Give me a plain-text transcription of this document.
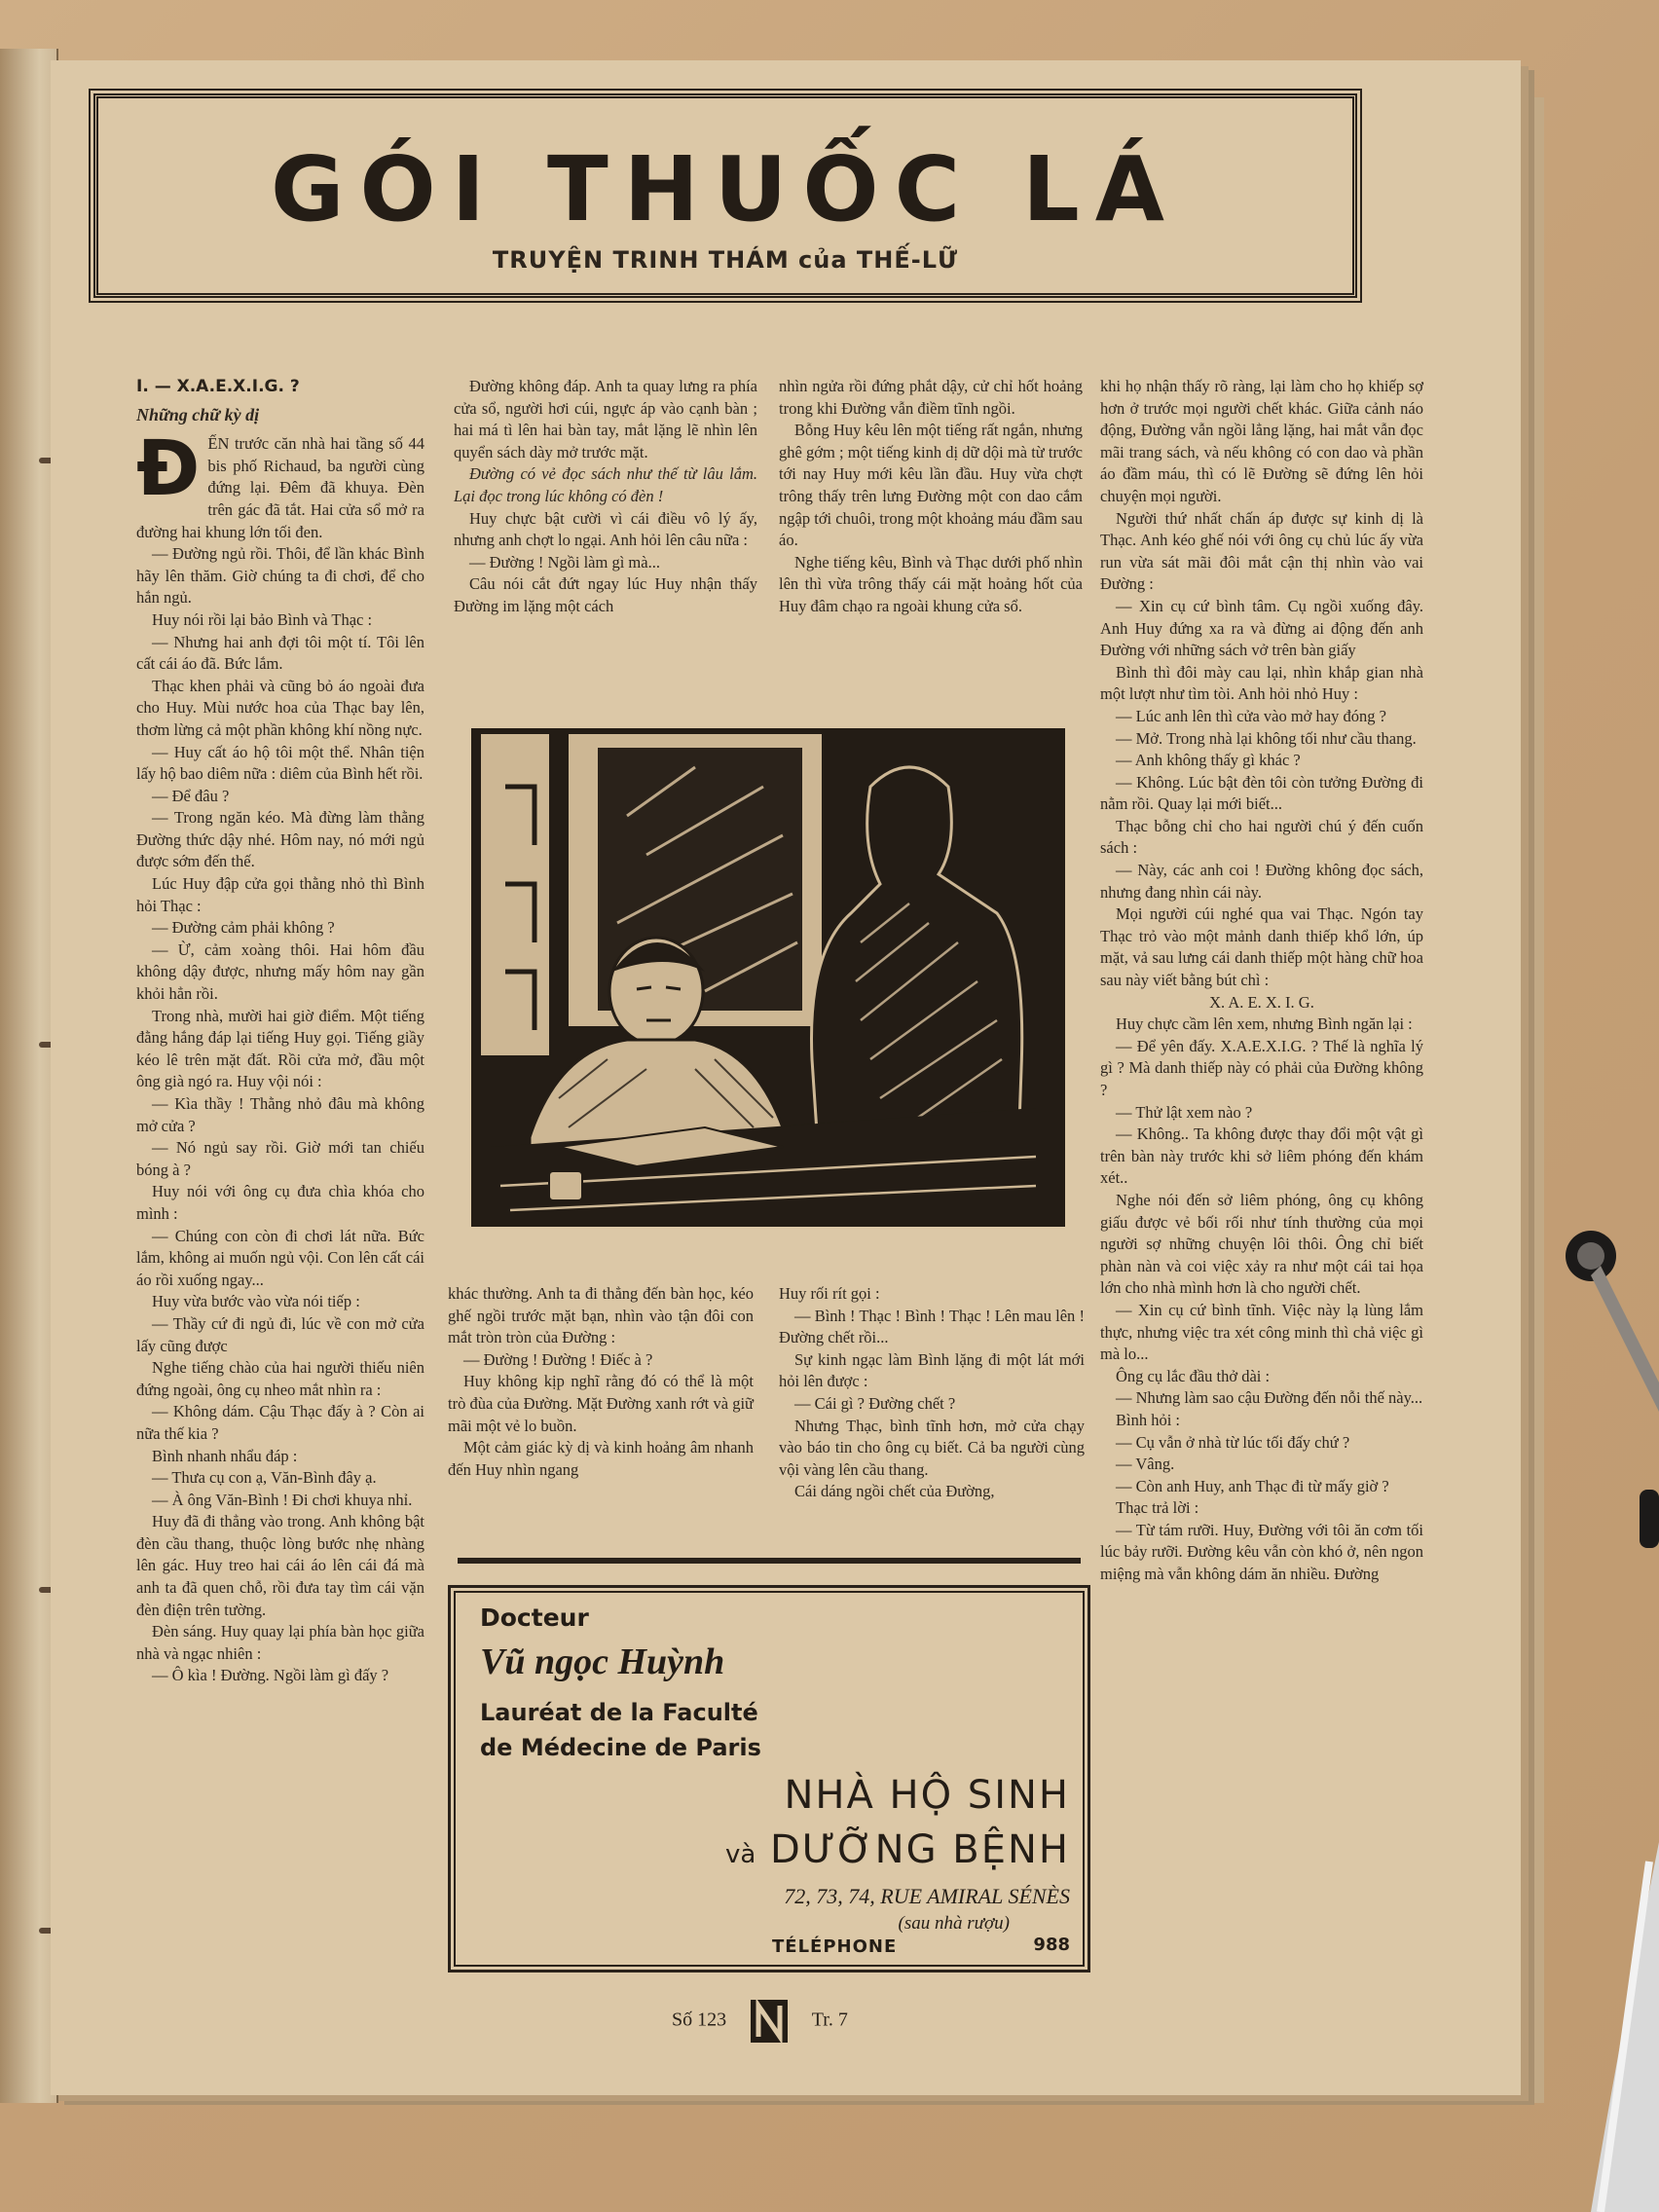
GÓI THUỐC LÁ
TRUYỆN TRINH THÁM của THẾ-LỮ

I. — X.A.E.X.I.G. ?

Những chữ kỳ dị

ĐẾN trước căn nhà hai tầng số 44 bis phố Richaud, ba người cùng đứng lại. Đêm đã khuya. Đèn trên gác đã tắt. Hai cửa sổ mở ra đường hai khung lớn tối đen.

— Đường ngủ rồi. Thôi, để lần khác Bình hãy lên thăm. Giờ chúng ta đi chơi, để cho hắn ngủ.

Huy nói rồi lại bảo Bình và Thạc :

— Nhưng hai anh đợi tôi một tí. Tôi lên cất cái áo đã. Bức lắm.

Thạc khen phải và cũng bỏ áo ngoài đưa cho Huy. Mùi nước hoa của Thạc bay lên, thơm lừng cả một phần không khí nồng nực.

— Huy cất áo hộ tôi một thể. Nhân tiện lấy hộ bao diêm nữa : diêm của Bình hết rồi.

— Để đâu ?

— Trong ngăn kéo. Mà đừng làm thằng Đường thức dậy nhé. Hôm nay, nó mới ngủ được sớm đến thế.

Lúc Huy đập cửa gọi thằng nhỏ thì Bình hỏi Thạc :

— Đường cảm phải không ?

— Ừ, cảm xoàng thôi. Hai hôm đầu không dậy được, nhưng mấy hôm nay gần khỏi hẳn rồi.

Trong nhà, mười hai giờ điểm. Một tiếng đằng hắng đáp lại tiếng Huy gọi. Tiếng giầy kéo lê trên mặt đất. Rồi cửa mở, đầu một ông già ngó ra. Huy vội nói :

— Kìa thầy ! Thằng nhỏ đâu mà không mở cửa ?

— Nó ngủ say rồi. Giờ mới tan chiếu bóng à ?

Huy nói với ông cụ đưa chìa khóa cho mình :

— Chúng con còn đi chơi lát nữa. Bức lắm, không ai muốn ngủ vội. Con lên cất cái áo rồi xuống ngay...

Huy vừa bước vào vừa nói tiếp :

— Thầy cứ đi ngủ đi, lúc về con mở cửa lấy cũng được

Nghe tiếng chào của hai người thiếu niên đứng ngoài, ông cụ nheo mắt nhìn ra :

— Không dám. Cậu Thạc đấy à ? Còn ai nữa thế kia ?

Bình nhanh nhẩu đáp :

— Thưa cụ con ạ, Văn-Bình đây ạ.

— À ông Văn-Bình ! Đi chơi khuya nhỉ.

Huy đã đi thẳng vào trong. Anh không bật đèn cầu thang, thuộc lòng bước nhẹ nhàng lên gác. Huy treo hai cái áo lên cái đá mà anh ta đã quen chỗ, rồi đưa tay tìm cái vặn đèn điện trên tường.

Đèn sáng. Huy quay lại phía bàn học giữa nhà và ngạc nhiên :

— Ô kìa ! Đường. Ngồi làm gì đấy ?

Đường không đáp. Anh ta quay lưng ra phía cửa sổ, người hơi cúi, ngực áp vào cạnh bàn ; hai má tì lên hai bàn tay, mắt lặng lẽ nhìn lên quyển sách dày mở trước mặt.

Đường có vẻ đọc sách như thế từ lâu lắm. Lại đọc trong lúc không có đèn !

Huy chực bật cười vì cái điều vô lý ấy, nhưng anh chợt lo ngại. Anh hỏi lên câu nữa :

— Đường ! Ngồi làm gì mà...

Câu nói cắt đứt ngay lúc Huy nhận thấy Đường im lặng một cách

nhìn ngửa rồi đứng phắt dậy, cử chỉ hốt hoảng trong khi Đường vẫn điềm tĩnh ngồi.

Bỗng Huy kêu lên một tiếng rất ngắn, nhưng ghê gớm ; một tiếng kinh dị dữ dội mà từ trước tới nay Huy mới kêu lần đầu. Huy vừa chợt trông thấy trên lưng Đường một con dao cắm ngập tới chuôi, trong một khoảng máu đầm sau áo.

Nghe tiếng kêu, Bình và Thạc dưới phố nhìn lên thì vừa trông thấy cái mặt hoảng hốt của Huy đâm chạo ra ngoài khung cửa sổ.

khác thường. Anh ta đi thẳng đến bàn học, kéo ghế ngồi trước mặt bạn, nhìn vào tận đôi con mắt tròn tròn của Đường :

— Đường ! Đường ! Điếc à ?

Huy không kịp nghĩ rằng đó có thể là một trò đùa của Đường. Mặt Đường xanh rớt và giữ mãi một vẻ lo buồn.

Một cảm giác kỳ dị và kinh hoảng âm nhanh đến Huy nhìn ngang

Huy rối rít gọi :

— Bình ! Thạc ! Bình ! Thạc ! Lên mau lên ! Đường chết rồi...

Sự kinh ngạc làm Bình lặng đi một lát mới hỏi lên được :

— Cái gì ? Đường chết ?

Nhưng Thạc, bình tĩnh hơn, mở cửa chạy vào báo tin cho ông cụ biết. Cả ba người cùng vội vàng lên cầu thang.

Cái dáng ngồi chết của Đường,

Docteur
Vũ ngọc Huỳnh
Lauréat de la Faculté
de Médecine de Paris
NHÀ HỘ SINH
và DƯỠNG BỆNH
72, 73, 74, RUE AMIRAL SÉNÈS
(sau nhà rượu)
TÉLÉPHONE	988

khi họ nhận thấy rõ ràng, lại làm cho họ khiếp sợ hơn ở trước mọi người chết khác. Giữa cảnh náo động, Đường vẫn ngồi lẳng lặng, hai mắt vẫn đọc mãi trang sách, và nếu không có con dao và phần áo đầm máu, thì có lẽ Đường sẽ đứng lên hỏi chuyện mọi người.

Người thứ nhất chấn áp được sự kinh dị là Thạc. Anh kéo ghế nói với ông cụ chủ lúc ấy vừa run vừa sát mãi đôi mắt cận thị nhìn vào vai Đường :

— Xin cụ cứ bình tâm. Cụ ngồi xuống đây. Anh Huy đứng xa ra và đừng ai động đến anh Đường với những sách vở trên bàn giấy

Bình thì đôi mày cau lại, nhìn khắp gian nhà một lượt như tìm tòi. Anh hỏi nhỏ Huy :

— Lúc anh lên thì cửa vào mở hay đóng ?

— Mở. Trong nhà lại không tối như cầu thang.

— Anh không thấy gì khác ?

— Không. Lúc bật đèn tôi còn tưởng Đường đi nằm rồi. Quay lại mới biết...

Thạc bỗng chỉ cho hai người chú ý đến cuốn sách :

— Này, các anh coi ! Đường không đọc sách, nhưng đang nhìn cái này.

Mọi người cúi nghé qua vai Thạc. Ngón tay Thạc trỏ vào một mảnh danh thiếp khổ lớn, úp mặt, vả sau lưng cái danh thiếp một hàng chữ hoa sau này viết bằng bút chì :

X. A. E. X. I. G.

Huy chực cầm lên xem, nhưng Bình ngăn lại :

— Để yên đấy. X.A.E.X.I.G. ? Thế là nghĩa lý gì ? Mà danh thiếp này có phải của Đường không ?

— Thử lật xem nào ?

— Không.. Ta không được thay đổi một vật gì trên bàn này trước khi sở liêm phóng đến khám xét..

Nghe nói đến sở liêm phóng, ông cụ không giấu được vẻ bối rối như tính thường của mọi người sợ những chuyện lôi thôi. Ông chỉ biết phàn nàn và coi việc xảy ra như một cái tai họa lớn cho nhà mình hơn là cho người chết.

— Xin cụ cứ bình tĩnh. Việc này lạ lùng lắm thực, nhưng việc tra xét công minh thì chả việc gì mà lo...

Ông cụ lắc đầu thở dài :

— Nhưng làm sao cậu Đường đến nỗi thế này...

Bình hỏi :

— Cụ vẫn ở nhà từ lúc tối đấy chứ ?

— Vâng.

— Còn anh Huy, anh Thạc đi từ mấy giờ ?

Thạc trả lời :

— Từ tám rưỡi. Huy, Đường với tôi ăn cơm tối lúc bảy rưỡi. Đường kêu vẫn còn khó ở, nên ngon miệng mà vẫn không dám ăn nhiều. Đường

Số 123	Tr. 7
